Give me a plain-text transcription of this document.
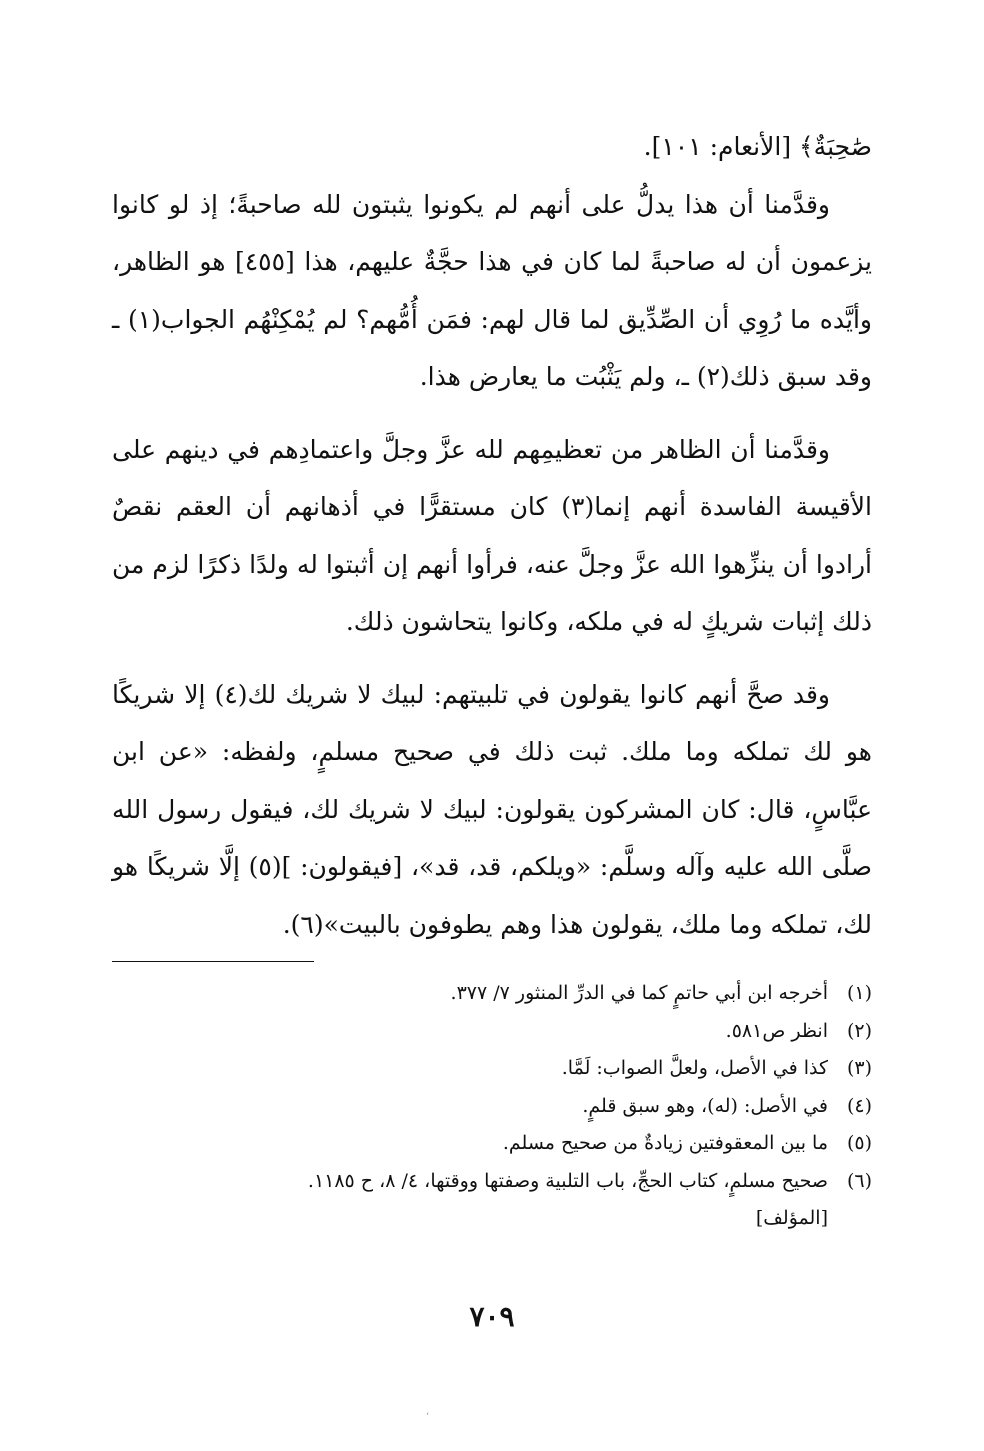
صَٰحِبَةٌ﴾ [الأنعام: ١٠١].

وقدَّمنا أن هذا يدلُّ على أنهم لم يكونوا يثبتون لله صاحبةً؛ إذ لو كانوا يزعمون أن له صاحبةً لما كان في هذا حجَّةٌ عليهم، هذا [٤٥٥] هو الظاهر، وأيَّده ما رُوِي أن الصِّدِّيق لما قال لهم: فمَن أُمُّهم؟ لم يُمْكِنْهُم الجواب(١) ـ وقد سبق ذلك(٢) ـ، ولم يَثْبُت ما يعارض هذا.

وقدَّمنا أن الظاهر من تعظيمِهم لله عزَّ وجلَّ واعتمادِهم في دينهم على الأقيسة الفاسدة أنهم إنما(٣) كان مستقرًّا في أذهانهم أن العقم نقصٌ أرادوا أن ينزِّهوا الله عزَّ وجلَّ عنه، فرأوا أنهم إن أثبتوا له ولدًا ذكرًا لزم من ذلك إثبات شريكٍ له في ملكه، وكانوا يتحاشون ذلك.

وقد صحَّ أنهم كانوا يقولون في تلبيتهم: لبيك لا شريك لك(٤) إلا شريكًا هو لك تملكه وما ملك. ثبت ذلك في صحيح مسلمٍ، ولفظه: «عن ابن عبَّاسٍ، قال: كان المشركون يقولون: لبيك لا شريك لك، فيقول رسول الله صلَّى الله عليه وآله وسلَّم: «ويلكم، قد، قد»، [فيقولون: ](٥) إلَّا شريكًا هو لك، تملكه وما ملك، يقولون هذا وهم يطوفون بالبيت»(٦).

(١)
أخرجه ابن أبي حاتمٍ كما في الدرِّ المنثور ٧/ ٣٧٧.
(٢)
انظر ص٥٨١.
(٣)
كذا في الأصل، ولعلَّ الصواب: لَمَّا.
(٤)
في الأصل: (له)، وهو سبق قلمٍ.
(٥)
ما بين المعقوفتين زيادةٌ من صحيح مسلم.
(٦)
صحيح مسلمٍ، كتاب الحجِّ، باب التلبية وصفتها ووقتها، ٤/ ٨، ح ١١٨٥.
[المؤلف]
٧٠٩
٬
